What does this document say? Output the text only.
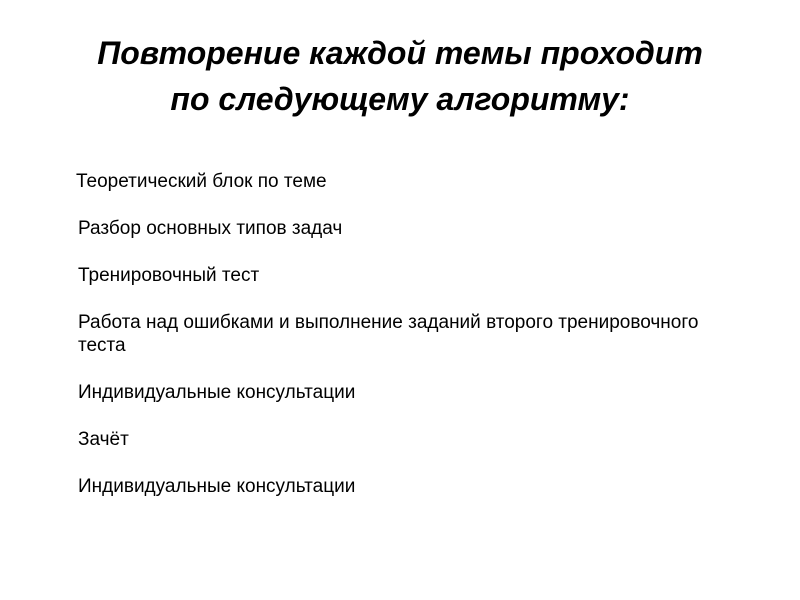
Повторение каждой темы проходит
по следующему алгоритму:
Теоретический блок по теме
Разбор основных типов задач
Тренировочный тест
Работа над ошибками и выполнение заданий второго тренировочного теста
Индивидуальные консультации
Зачёт
Индивидуальные консультации
